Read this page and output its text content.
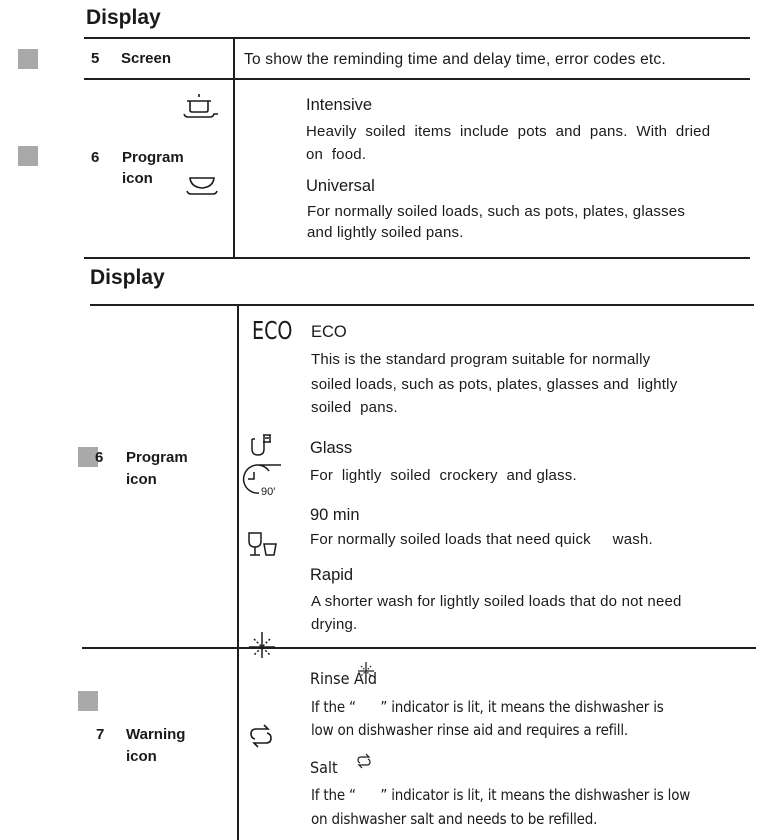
Display
5 Screen	To show the reminding time and delay time, error codes etc.
6 Program
icon
Intensive
Heavily  soiled  items  include  pots  and  pans.  With  dried
on  food.
Universal
For normally soiled loads, such as pots, plates, glasses
and lightly soiled pans.
Display
6 Program
icon
ECO
90′
ECO
This is the standard program suitable for normally
soiled loads, such as pots, plates, glasses and  lightly
soiled  pans.
Glass
For  lightly  soiled  crockery  and glass.
90 min
For normally soiled loads that need quick     wash.
Rapid
A shorter wash for lightly soiled loads that do not need
drying.
7 Warning
icon
Rinse Aid
If the “      ” indicator is lit, it means the dishwasher is
low on dishwasher rinse aid and requires a refill.
Salt
If the “      ” indicator is lit, it means the dishwasher is low
on dishwasher salt and needs to be refilled.
